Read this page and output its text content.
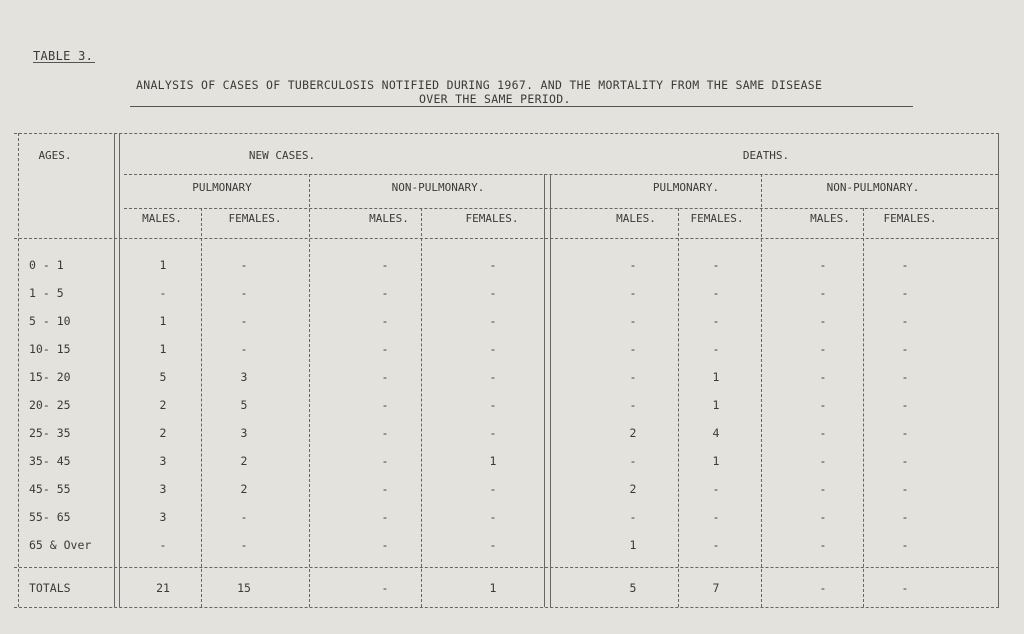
TABLE 3.
ANALYSIS OF CASES OF TUBERCULOSIS NOTIFIED DURING 1967. AND THE MORTALITY FROM THE SAME DISEASE
OVER THE SAME PERIOD.
AGES.	NEW CASES.	DEATHS.
PULMONARY	NON-PULMONARY.	PULMONARY.	NON-PULMONARY.
MALES.	FEMALES.	MALES.	FEMALES.	MALES.	FEMALES.	MALES.	FEMALES.
0 - 1	1	-	-	-	-	-	-	-
1 - 5	-	-	-	-	-	-	-	-
5 - 10	1	-	-	-	-	-	-	-
10- 15	1	-	-	-	-	-	-	-
15- 20	5	3	-	-	-	1	-	-
20- 25	2	5	-	-	-	1	-	-
25- 35	2	3	-	-	2	4	-	-
35- 45	3	2	-	1	-	1	-	-
45- 55	3	2	-	-	2	-	-	-
55- 65	3	-	-	-	-	-	-	-
65 & Over	-	-	-	-	1	-	-	-
TOTALS	21	15	-	1	5	7	-	-
